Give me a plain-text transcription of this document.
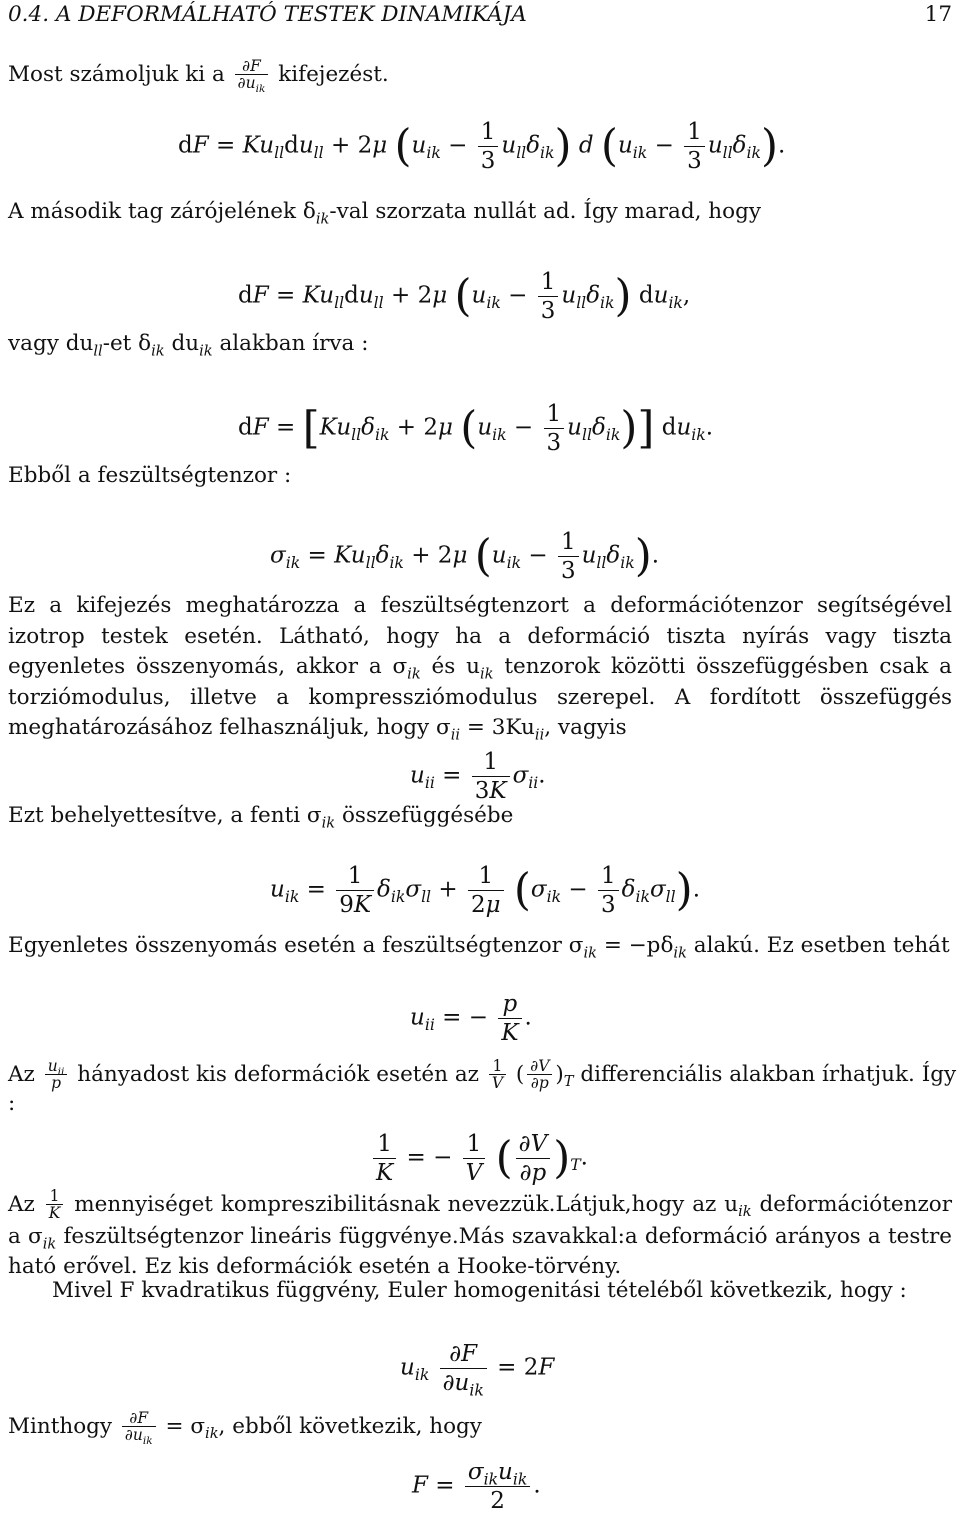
0.4. A DEFORMÁLHATÓ TESTEK DINAMIKÁJA	17
Most számoljuk ki a	∂F
$\partial u_{ik}$
kifejezést.
dF = $Ku_{ll}du_{ll} + 2\mu$ $(u_{ik} - \frac{1}{3} u_{ll}\delta_{ik})$ d $(u_{ik} - \frac{1}{3} u_{ll}\delta_{ik})$.
A második tag zárójelének $\delta_{ik}$-val szorzata nullát ad. Így marad, hogy
dF = $Ku_{ll}du_{ll} + 2\mu$ $(u_{ik} - \frac{1}{3} u_{ll}\delta_{ik})$ $du_{ik}$,
vagy $du_{ll}-et$ $\delta_{ik}$ $du_{ik}$ alakban írva :
dF = [$Ku_{ll}\delta_{ik} + 2\mu$ $(u_{ik} - \frac{1}{3} u_{ll}\delta_{ik})$] $du_{ik}$.
Ebből a feszültségtenzor :
$\sigma_{ik} = Ku_{ll}\delta_{ik} + 2\mu$ $(u_{ik} - \frac{1}{3} u_{ll}\delta_{ik})$.
Ez a kifejezés meghatározza a feszültségtenzort a deformációtenzor segítségével izotrop testek esetén. Látható, hogy ha a deformáció tiszta nyírás vagy tiszta egyenletes összenyomás, akkor a $\sigma_{ik}$ és $u_{ik}$ tenzorok közötti összefüggésben csak a torziómodulus, illetve a kompressziómodulus szerepel. A fordított összefüggés meghatározásához felhasználjuk, hogy $\sigma_{ii} = 3Ku_{ii}$, vagyis
$u_{ii} = \frac{1}{3K} \sigma_{ii}$.
Ezt behelyettesítve, a fenti $\sigma_{ik}$ összefüggésébe
$u_{ik} = \frac{1}{9K} \delta_{ik}\sigma_{ll} + \frac{1}{2\mu} (\sigma_{ik} - \frac{1}{3} \delta_{ik}\sigma_{ll})$.
Egyenletes összenyomás esetén a feszültségtenzor $\sigma_{ik} = -p\delta_{ik}$ alakú. Ez esetben tehát
$u_{ii}$ = − $\frac{p}{K}$ .
Az $u_{ii}$
p hányadost kis deformációk esetén az $\frac{1}{V}$ ( $\frac{\partial V}{\partial p} )_T$ differenciális alakban írhatjuk. Így
:
$\frac{1}{K}$ = − $\frac{1}{V}$ ( $\frac{\partial V}{\partial p} )_T$.
Az $\frac{1}{K}$ mennyiséget kompreszibilitásnak nevezzük.Látjuk,hogy az $u_{ik}$ deformációtenzor a $\sigma_{ik}$ feszültségtenzor lineáris függvénye.Más szavakkal:a deformáció arányos a testre ható erővel. Ez kis deformációk esetén a Hooke-törvény.
Mivel F kvadratikus függvény, Euler homogenitási tételéből következik, hogy :
$u_{ik}$
∂F
$\partial u_{ik}$
= 2F
Minthogy	∂F
$\partial u_{ik}$
= $\sigma_{ik}$, ebből következik, hogy
F =
$\sigma_{ik}u_{ik}$
2
.
